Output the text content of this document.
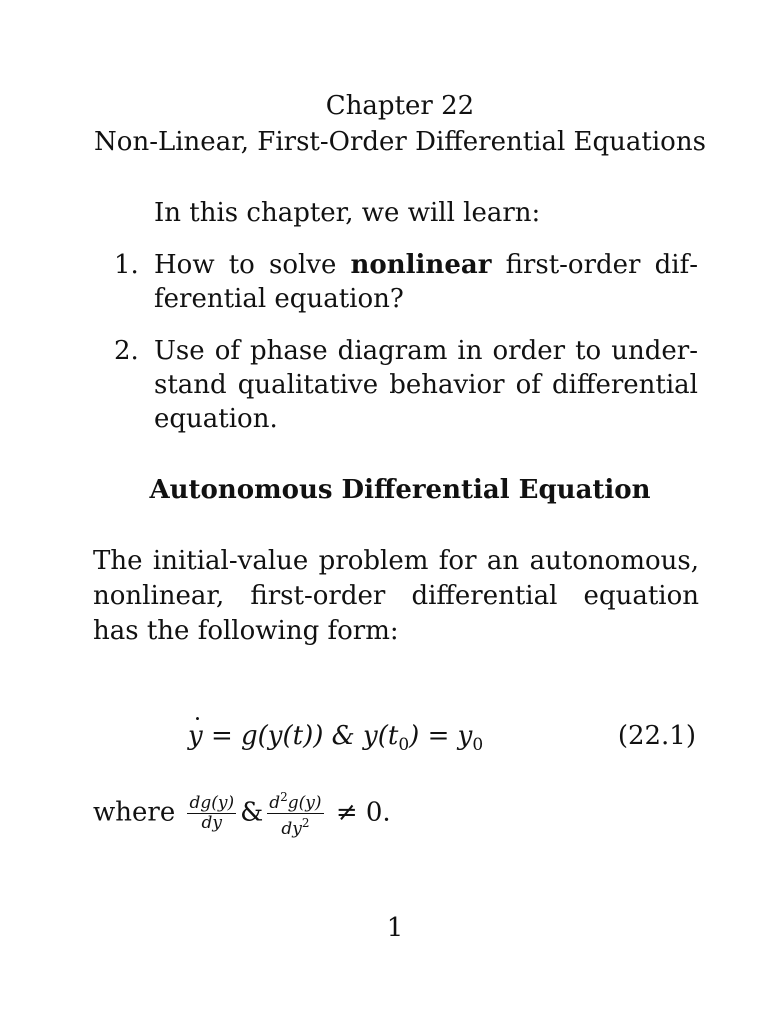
Chapter 22
Non-Linear, First-Order Differential Equations
In this chapter, we will learn:
1. How to solve nonlinear first-order differential equation?
2. Use of phase diagram in order to understand qualitative behavior of differential equation.
Autonomous Differential Equation
The initial-value problem for an autonomous, nonlinear, first-order differential equation has the following form:
˙ y = g(y(t)) & $y(t_0) = y_0$	(22.1)
where $\frac{dg(y)}{dy}$ & $\frac{d^2g(y)}{dy^2} \ne 0$.
1
